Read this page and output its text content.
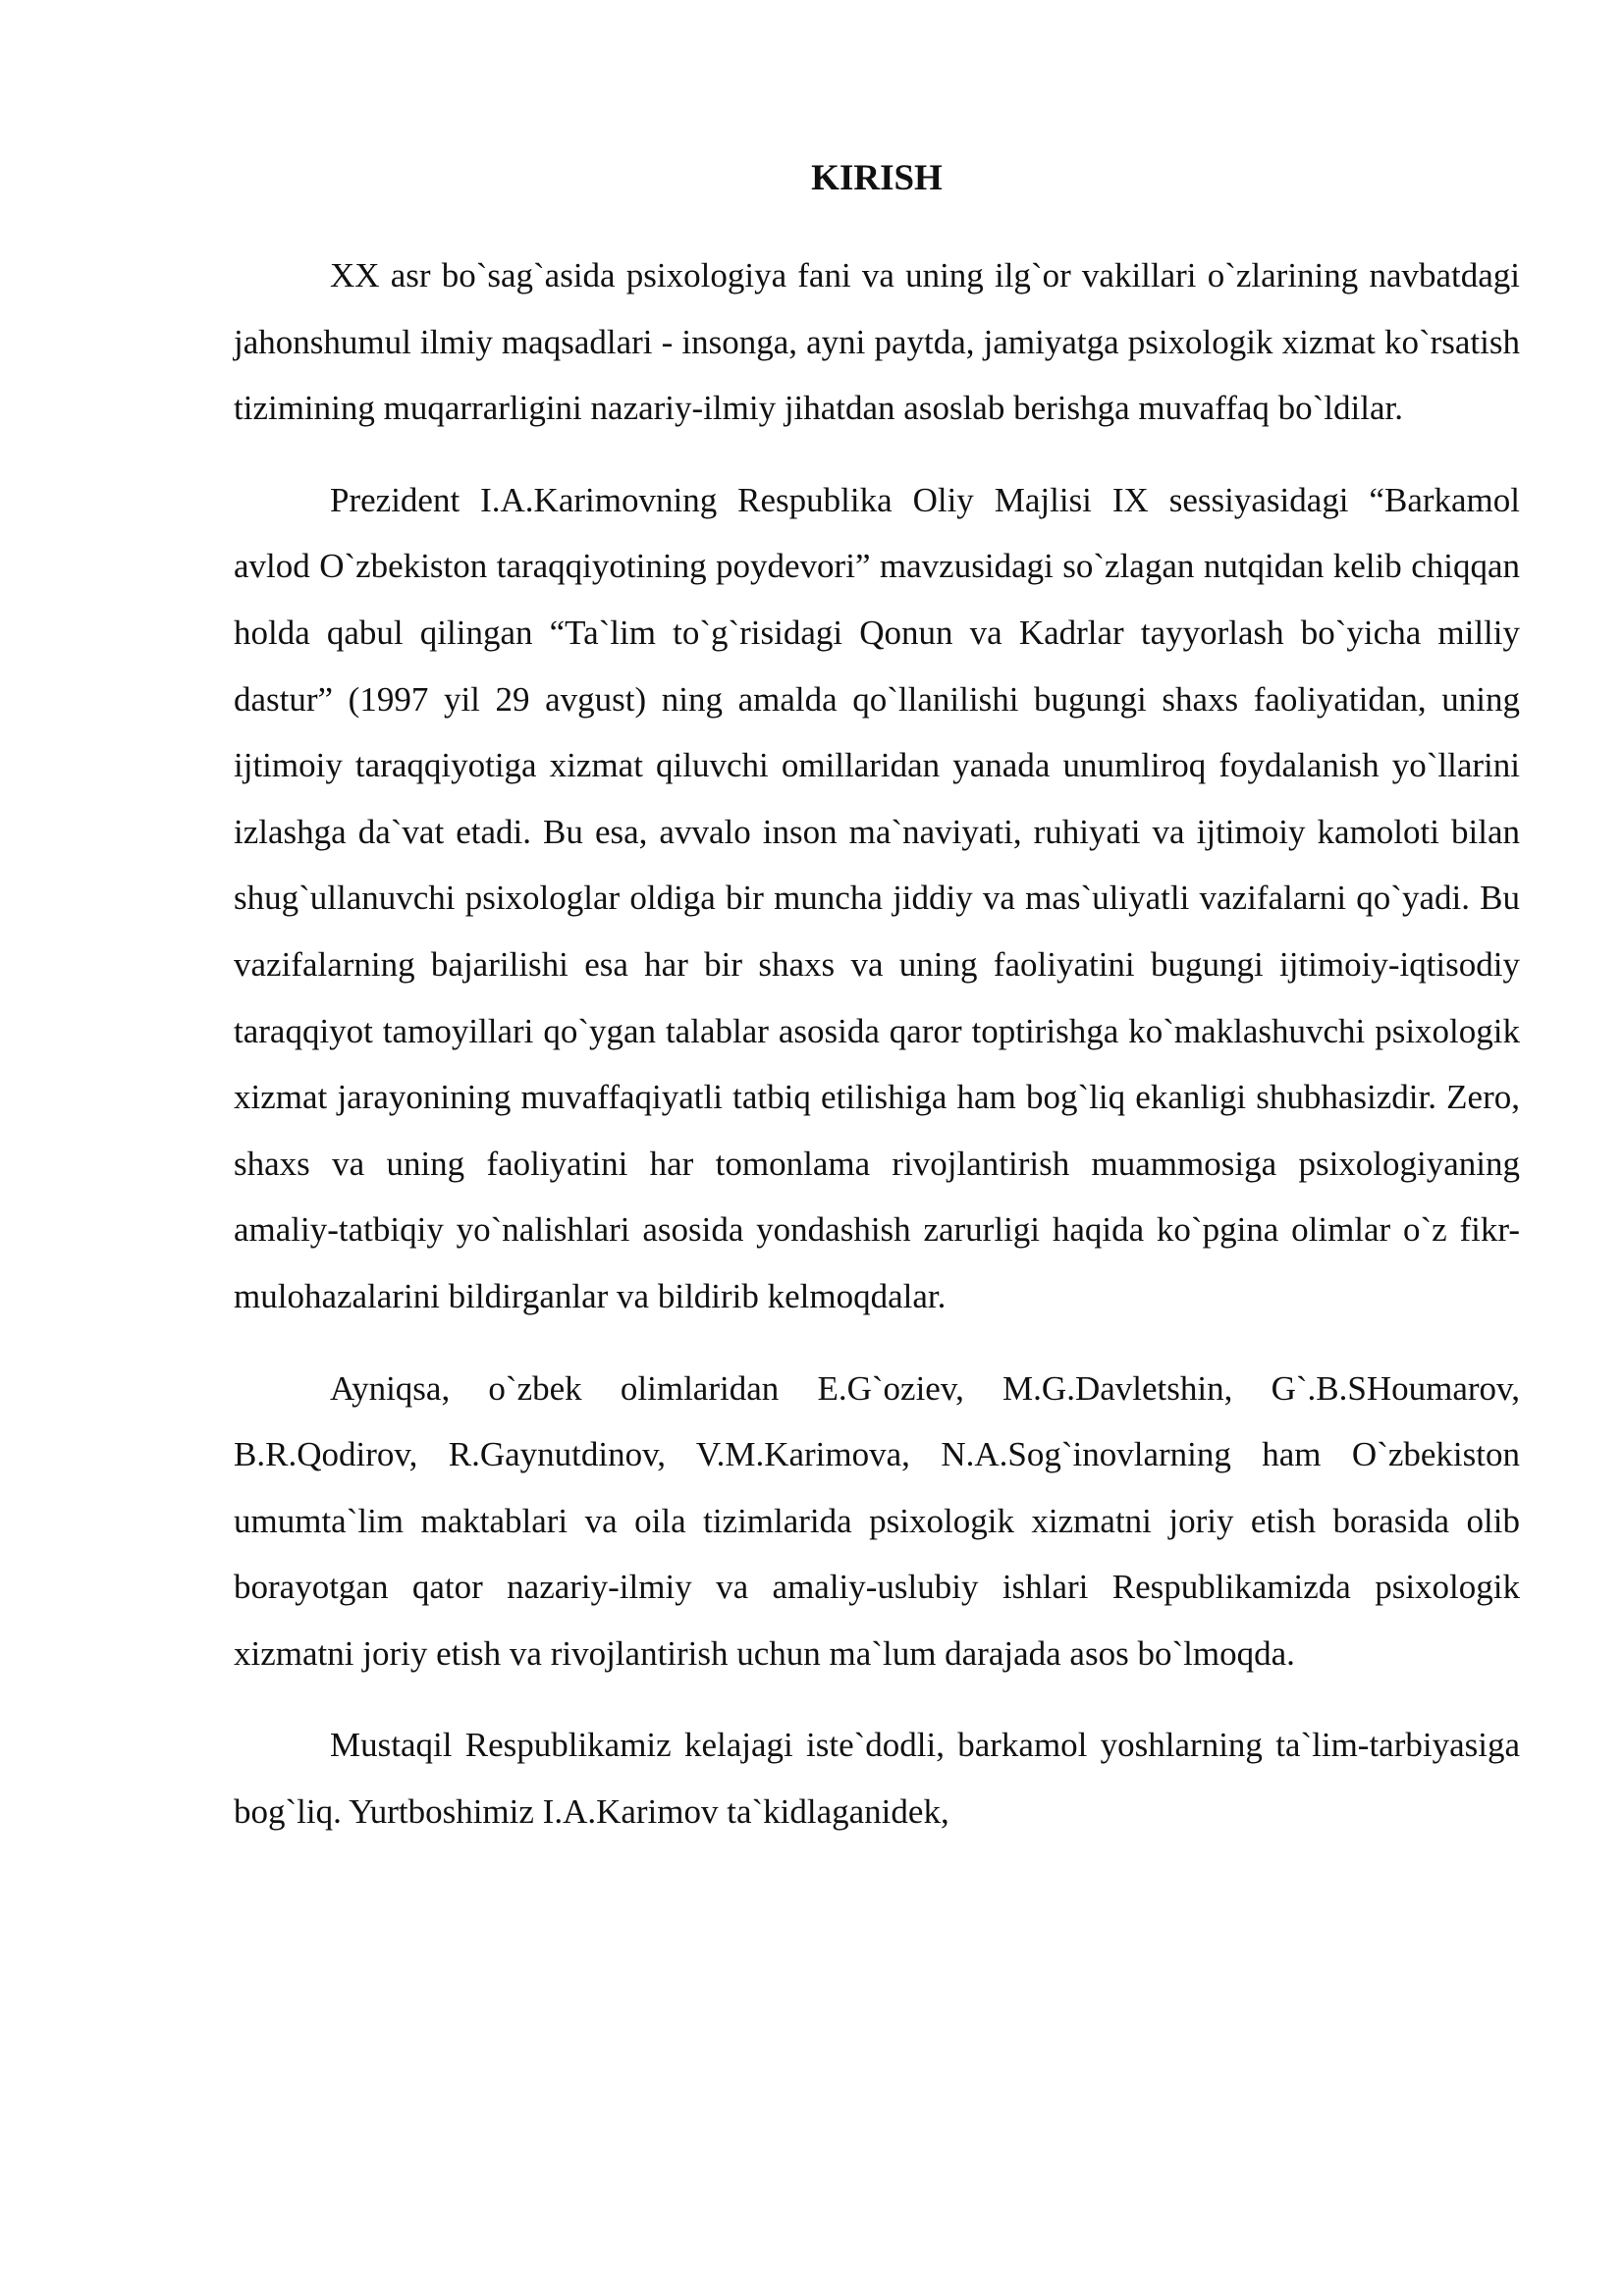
KIRISH

XX asr bo`sag`asida psixologiya fani va uning ilg`or vakillari o`zlarining navbatdagi jahonshumul ilmiy maqsadlari - insonga, ayni paytda, jamiyatga psixologik xizmat ko`rsatish tizimining muqarrarligini nazariy-ilmiy jihatdan asoslab berishga muvaffaq bo`ldilar.

Prezident I.A.Karimovning Respublika Oliy Majlisi IX sessiyasidagi “Barkamol avlod O`zbekiston taraqqiyotining poydevori” mavzusidagi so`zlagan nutqidan kelib chiqqan holda qabul qilingan “Ta`lim to`g`risidagi Qonun va Kadrlar tayyorlash bo`yicha milliy dastur” (1997 yil 29 avgust) ning amalda qo`llanilishi bugungi shaxs faoliyatidan, uning ijtimoiy taraqqiyotiga xizmat qiluvchi omillaridan yanada unumliroq foydalanish yo`llarini izlashga da`vat etadi. Bu esa, avvalo inson ma`naviyati, ruhiyati va ijtimoiy kamoloti bilan shug`ullanuvchi psixologlar oldiga bir muncha jiddiy va mas`uliyatli vazifalarni qo`yadi. Bu vazifalarning bajarilishi esa har bir shaxs va uning faoliyatini bugungi ijtimoiy-iqtisodiy taraqqiyot tamoyillari qo`ygan talablar asosida qaror toptirishga ko`maklashuvchi psixologik xizmat jarayonining muvaffaqiyatli tatbiq etilishiga ham bog`liq ekanligi shubhasizdir. Zero, shaxs va uning faoliyatini har tomonlama rivojlantirish muammosiga psixologiyaning amaliy-tatbiqiy yo`nalishlari asosida yondashish zarurligi haqida ko`pgina olimlar o`z fikr-mulohazalarini bildirganlar va bildirib kelmoqdalar.

Ayniqsa, o`zbek olimlaridan E.G`oziev, M.G.Davletshin, G`.B.SHoumarov, B.R.Qodirov, R.Gaynutdinov, V.M.Karimova, N.A.Sog`inovlarning ham O`zbekiston umumta`lim maktablari va oila tizimlarida psixologik xizmatni joriy etish borasida olib borayotgan qator nazariy-ilmiy va amaliy-uslubiy ishlari Respublikamizda psixologik xizmatni joriy etish va rivojlantirish uchun ma`lum darajada asos bo`lmoqda.

Mustaqil Respublikamiz kelajagi iste`dodli, barkamol yoshlarning ta`lim-tarbiyasiga bog`liq. Yurtboshimiz I.A.Karimov ta`kidlaganidek,
